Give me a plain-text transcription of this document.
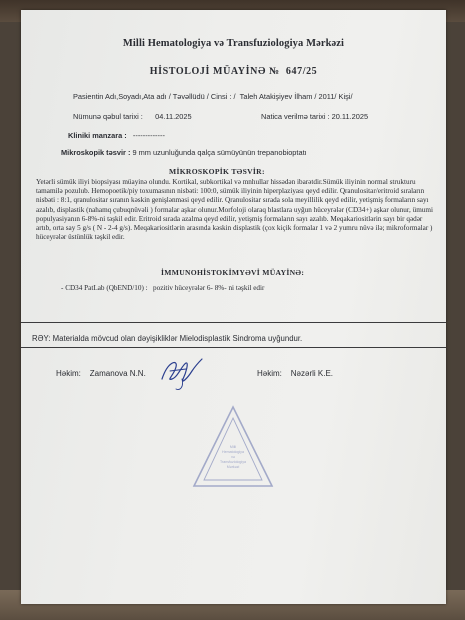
Milli Hematologiya və Transfuziologiya Mərkəzi
HİSTOLOJİ MÜAYİNƏ № 647/25
Pasientin Adı,Soyadı,Ata adı / Təvəllüdü / Cinsi : / Taleh Atakişiyev İlham / 2011/ Kişi/
Nümunə qəbul tarixi : 04.11.2025	Natica verilmə tarixi : 20.11.2025
Kliniki manzara : -------------
Mikroskopik təsvir : 9 mm uzunluğunda qalça sümüyünün trepanobioptatı
MİKROSKOPİK TƏSVİR:
Yetərli sümük iliyi biopsiyası müayinə olundu. Kortikal, subkortikal və mnhullar hissədən ibarətdir.Sümük iliyinin normal strukturu tamamilə pozulub. Hemopoetik/piy toxumasının nisbəti: 100:0, sümük iliyinin hiperplaziyası qeyd edilir. Qranulositar/eritroid sıraların nisbəti : 8:1, qranulositar sıranın kəskin genişlənməsi qeyd edilir. Qranulositar sırada sola meyillilik qeyd edilir, yetişmiş formaların sayı azalıb, displastik (nahamq çubuqnüvəli ) formalar aşkar olunur.Morfoloji olaraq blastlara uyğun hüceyrələr (CD34+) aşkar olunur, ümumi populyasiyanın 6-8%-ni təşkil edir. Eritroid sırada azalma qeyd edilir, yetişmiş formaların sayı azalıb. Meqakariositlərin sayı bir qədər artıb, orta say 5 g/s ( N - 2-4 g/s). Meqakariositlərin arasında kəskin displastik (çox kiçik formalar 1 və 2 yumru nüvə ilə; mikroformalar ) hüceyrələr üstünlük təşkil edir.
İMMUNOHİSTOKİMYƏVİ MÜAYİNƏ:
- CD34 PatLab (QbEND/10) : pozitiv hüceyrələr 6- 8%- ni təşkil edir
RƏY: Materialda mövcud olan dəyişikliklər Mielodisplastik Sindroma uyğundur.
Həkim: Zamanova N.N.	Həkim: Nəzərli K.E.
Milli
Hematologiya
və
Transfuziologiya
Mərkəzi
